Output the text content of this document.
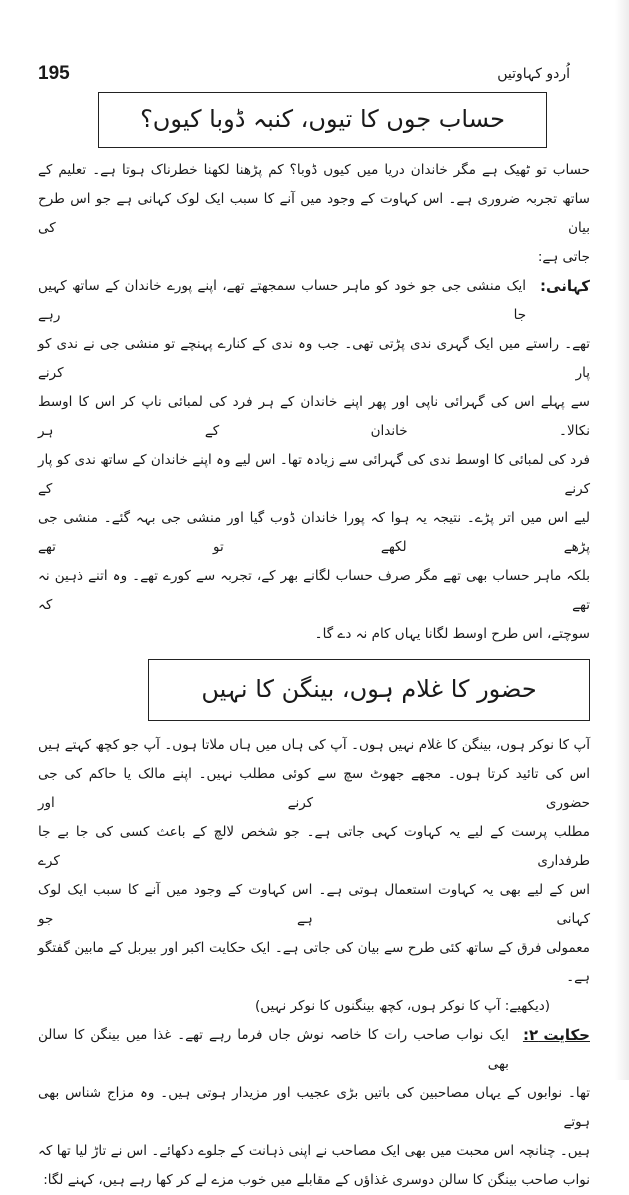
195	اُردو کہاوتیں
حساب جوں کا تیوں، کنبہ ڈوبا کیوں؟
حساب تو ٹھیک ہے مگر خاندان دریا میں کیوں ڈوبا؟ کم پڑھنا لکھنا خطرناک ہوتا ہے۔ تعلیم کے
ساتھ تجربہ ضروری ہے۔ اس کہاوت کے وجود میں آنے کا سبب ایک لوک کہانی ہے جو اس طرح بیان کی
جاتی ہے:
کہانی:
ایک منشی جی جو خود کو ماہر حساب سمجھتے تھے، اپنے پورے خاندان کے ساتھ کہیں جا رہے
تھے۔ راستے میں ایک گہری ندی پڑتی تھی۔ جب وہ ندی کے کنارے پہنچے تو منشی جی نے ندی کو پار کرنے
سے پہلے اس کی گہرائی ناپی اور پھر اپنے خاندان کے ہر فرد کی لمبائی ناپ کر اس کا اوسط نکالا۔ خاندان کے ہر
فرد کی لمبائی کا اوسط ندی کی گہرائی سے زیادہ تھا۔ اس لیے وہ اپنے خاندان کے ساتھ ندی کو پار کرنے کے
لیے اس میں اتر پڑے۔ نتیجہ یہ ہوا کہ پورا خاندان ڈوب گیا اور منشی جی بہہ گئے۔ منشی جی پڑھے لکھے تو تھے
بلکہ ماہر حساب بھی تھے مگر صرف حساب لگانے بھر کے، تجربہ سے کورے تھے۔ وہ اتنے ذہین نہ تھے کہ
سوچتے، اس طرح اوسط لگانا یہاں کام نہ دے گا۔
حضور کا غلام ہوں، بینگن کا نہیں
آپ کا نوکر ہوں، بینگن کا غلام نہیں ہوں۔ آپ کی ہاں میں ہاں ملاتا ہوں۔ آپ جو کچھ کہتے ہیں
اس کی تائید کرتا ہوں۔ مجھے جھوٹ سچ سے کوئی مطلب نہیں۔ اپنے مالک یا حاکم کی جی حضوری کرنے اور
مطلب پرست کے لیے یہ کہاوت کہی جاتی ہے۔ جو شخص لالچ کے باعث کسی کی جا بے جا طرفداری کرے
اس کے لیے بھی یہ کہاوت استعمال ہوتی ہے۔ اس کہاوت کے وجود میں آنے کا سبب ایک لوک کہانی ہے جو
معمولی فرق کے ساتھ کئی طرح سے بیان کی جاتی ہے۔ ایک حکایت اکبر اور بیربل کے مابین گفتگو ہے۔
(دیکھیے: آپ کا نوکر ہوں، کچھ بینگنوں کا نوکر نہیں)
حکایت ۲:
ایک نواب صاحب رات کا خاصہ نوش جاں فرما رہے تھے۔ غذا میں بینگن کا سالن بھی
تھا۔ نوابوں کے یہاں مصاحبین کی باتیں بڑی عجیب اور مزیدار ہوتی ہیں۔ وہ مزاج شناس بھی ہوتے
ہیں۔ چنانچہ اس محبت میں بھی ایک مصاحب نے اپنی ذہانت کے جلوے دکھائے۔ اس نے تاڑ لیا تھا کہ
نواب صاحب بینگن کا سالن دوسری غذاؤں کے مقابلے میں خوب مزے لے کر کھا رہے ہیں، کہنے لگا:
